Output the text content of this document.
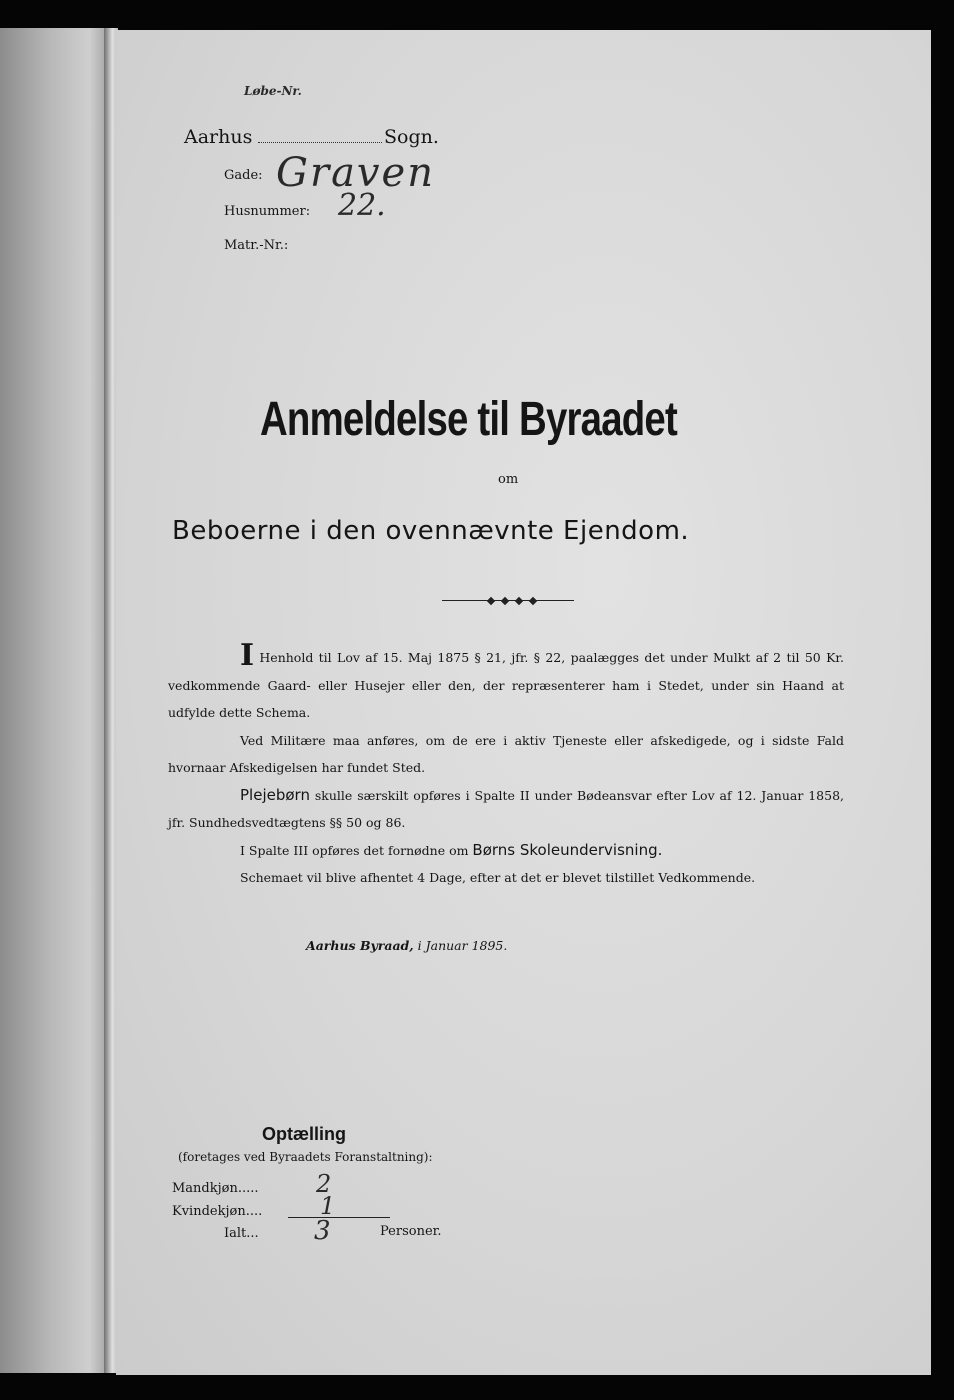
Løbe-Nr.
Aarhus	Sogn.
Gade: Graven
Husnummer: 22.
Matr.-Nr.:
Anmeldelse til Byraadet
om
Beboerne i den ovennævnte Ejendom.

I Henhold til Lov af 15. Maj 1875 § 21, jfr. § 22, paalægges det under Mulkt af 2 til 50 Kr. vedkommende Gaard- eller Husejer eller den, der repræsenterer ham i Stedet, under sin Haand at udfylde dette Schema.

Ved Militære maa anføres, om de ere i aktiv Tjeneste eller afskedigede, og i sidste Fald hvornaar Afskedigelsen har fundet Sted.

Plejebørn skulle særskilt opføres i Spalte II under Bødeansvar efter Lov af 12. Januar 1858, jfr. Sundhedsvedtægtens §§ 50 og 86.

I Spalte III opføres det fornødne om Børns Skoleundervisning.

Schemaet vil blive afhentet 4 Dage, efter at det er blevet tilstillet Vedkommende.

Aarhus Byraad, i Januar 1895.
Optælling
(foretages ved Byraadets Foranstaltning):
Mandkjøn..... 2
Kvindekjøn.... 1
Ialt... 3	Personer.
